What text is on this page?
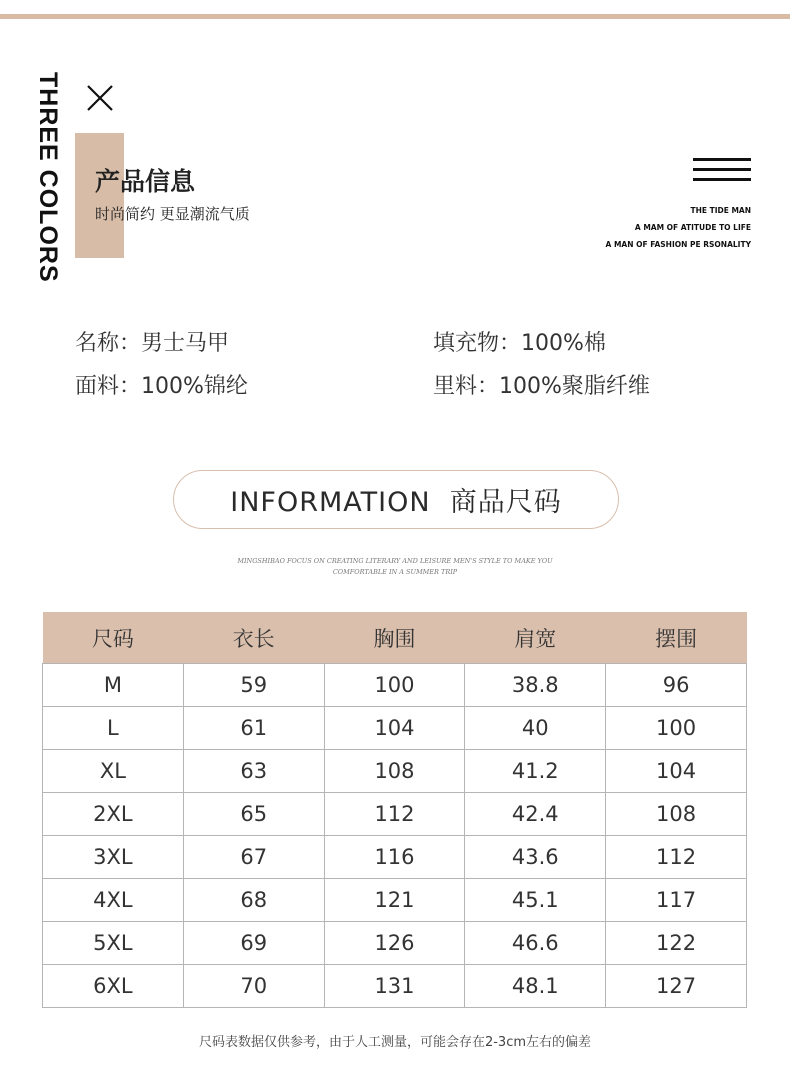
THREE COLORS 产品信息
时尚简约 更显潮流气质	THE TIDE MAN
A MAM OF ATITUDE TO LIFE
A MAN OF FASHION PE RSONALITY
名称：男士马甲	填充物：100%棉
面料：100%锦纶	里料：100%聚脂纤维
INFORMATION  商品尺码
MINGSHIBAO FOCUS ON CREATING LITERARY AND LEISURE MEN'S STYLE TO MAKE YOU
COMFORTABLE IN A SUMMER TRIP
尺码	衣长	胸围	肩宽	摆围
M	59	100	38.8	96
L	61	104	40	100
XL	63	108	41.2	104
2XL	65	112	42.4	108
3XL	67	116	43.6	112
4XL	68	121	45.1	117
5XL	69	126	46.6	122
6XL	70	131	48.1	127
尺码表数据仅供参考，由于人工测量，可能会存在2-3cm左右的偏差
